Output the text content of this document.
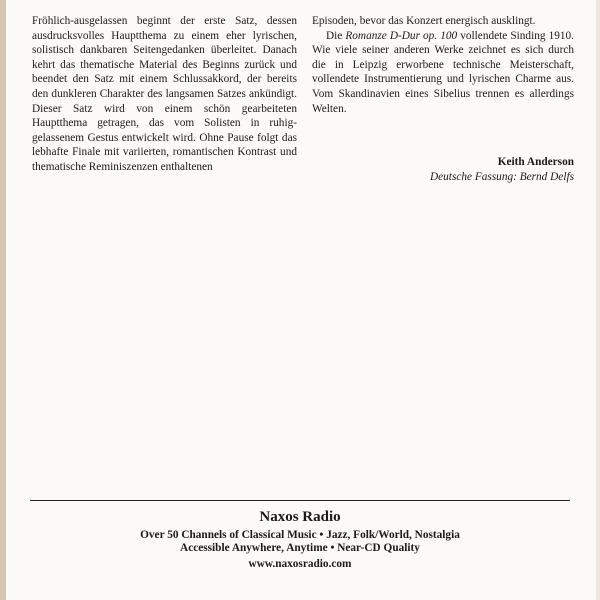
Fröhlich-ausgelassen beginnt der erste Satz, dessen ausdrucksvolles Hauptthema zu einem eher lyrischen, solistisch dankbaren Seitengedanken überleitet. Danach kehrt das thematische Material des Beginns zurück und beendet den Satz mit einem Schlussakkord, der bereits den dunkleren Charakter des langsamen Satzes ankündigt. Dieser Satz wird von einem schön gearbeiteten Hauptthema getragen, das vom Solisten in ruhig-gelassenem Gestus entwickelt wird. Ohne Pause folgt das lebhafte Finale mit variierten, romantischen Kontrast und thematische Reminiszenzen enthaltenen

Episoden, bevor das Konzert energisch ausklingt.

Die Romanze D-Dur op. 100 vollendete Sinding 1910. Wie viele seiner anderen Werke zeichnet es sich durch die in Leipzig erworbene technische Meisterschaft, vollendete Instrumentierung und lyrischen Charme aus. Vom Skandinavien eines Sibelius trennen es allerdings Welten.

Keith Anderson
Deutsche Fassung: Bernd Delfs
Naxos Radio
Over 50 Channels of Classical Music • Jazz, Folk/World, Nostalgia
Accessible Anywhere, Anytime • Near-CD Quality
www.naxosradio.com
